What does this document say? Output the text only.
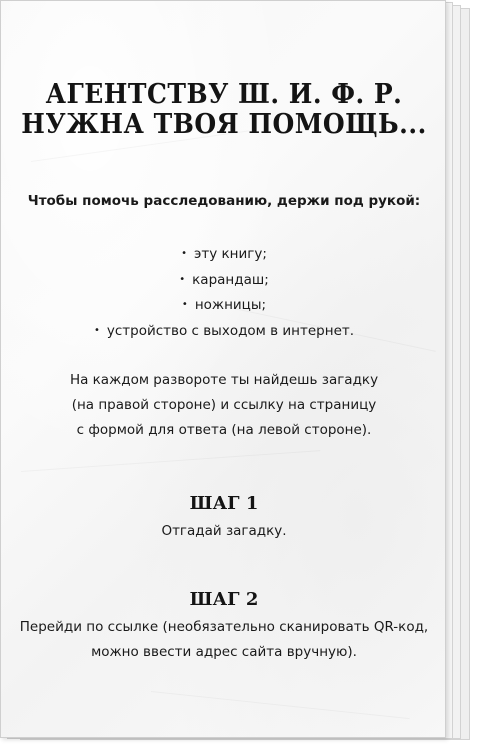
АГЕНТСТВУ Ш. И. Ф. Р.
НУЖНА ТВОЯ ПОМОЩЬ...
Чтобы помочь расследованию, держи под рукой:
• эту книгу;
• карандаш;
• ножницы;
• устройство с выходом в интернет.
На каждом развороте ты найдешь загадку
(на правой стороне) и ссылку на страницу
с формой для ответа (на левой стороне).
ШАГ 1
Отгадай загадку.
ШАГ 2
Перейди по ссылке (необязательно сканировать QR-код,
можно ввести адрес сайта вручную).
